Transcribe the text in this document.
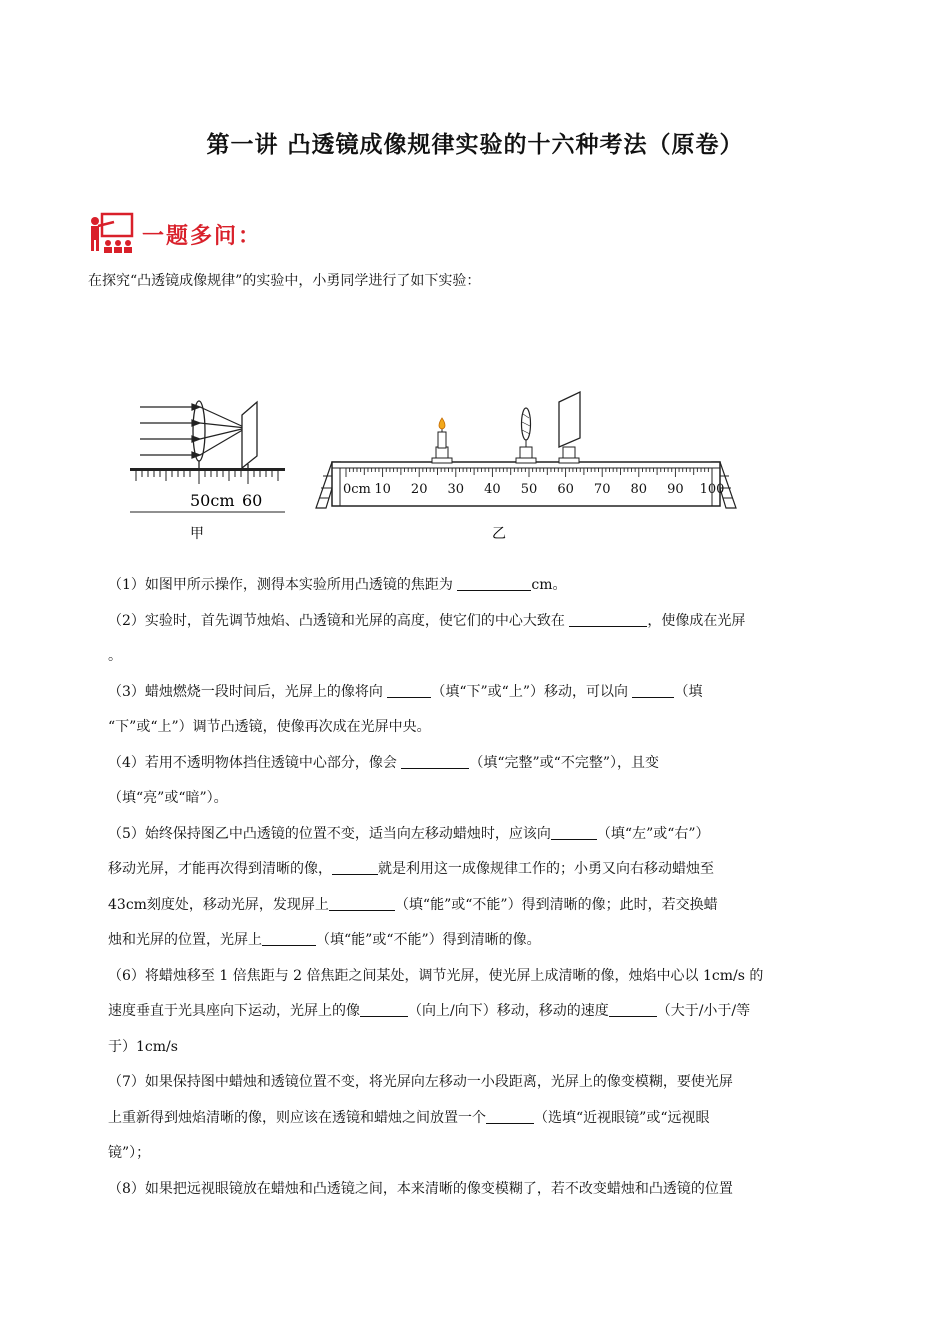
第一讲 凸透镜成像规律实验的十六种考法（原卷）
一题多问：
在探究“凸透镜成像规律”的实验中，小勇同学进行了如下实验：
50cm 60
甲
0cm 10 20 30 40 50 60 70 80 90 100
乙

（1）如图甲所示操作，测得本实验所用凸透镜的焦距为	cm。

（2）实验时，首先调节烛焰、凸透镜和光屏的高度，使它们的中心大致在	，使像成在光屏
。

（3）蜡烛燃烧一段时间后，光屏上的像将向	（填“下”或“上”）移动，可以向	（填
“下”或“上”）调节凸透镜，使像再次成在光屏中央。

（4）若用不透明物体挡住透镜中心部分，像会	（填“完整”或“不完整”），且变
（填“亮”或“暗”）。

（5）始终保持图乙中凸透镜的位置不变，适当向左移动蜡烛时，应该向	（填“左”或“右”）
移动光屏，才能再次得到清晰的像，	就是利用这一成像规律工作的；小勇又向右移动蜡烛至
43cm刻度处，移动光屏，发现屏上	（填“能”或“不能”）得到清晰的像；此时，若交换蜡
烛和光屏的位置，光屏上	（填“能”或“不能”）得到清晰的像。

（6）将蜡烛移至 1 倍焦距与 2 倍焦距之间某处，调节光屏，使光屏上成清晰的像，烛焰中心以 1cm/s 的
速度垂直于光具座向下运动，光屏上的像	（向上/向下）移动，移动的速度	（大于/小于/等
于）1cm/s

（7）如果保持图中蜡烛和透镜位置不变，将光屏向左移动一小段距离，光屏上的像变模糊，要使光屏
上重新得到烛焰清晰的像，则应该在透镜和蜡烛之间放置一个	（选填“近视眼镜”或“远视眼
镜”）；

（8）如果把远视眼镜放在蜡烛和凸透镜之间，本来清晰的像变模糊了，若不改变蜡烛和凸透镜的位置
